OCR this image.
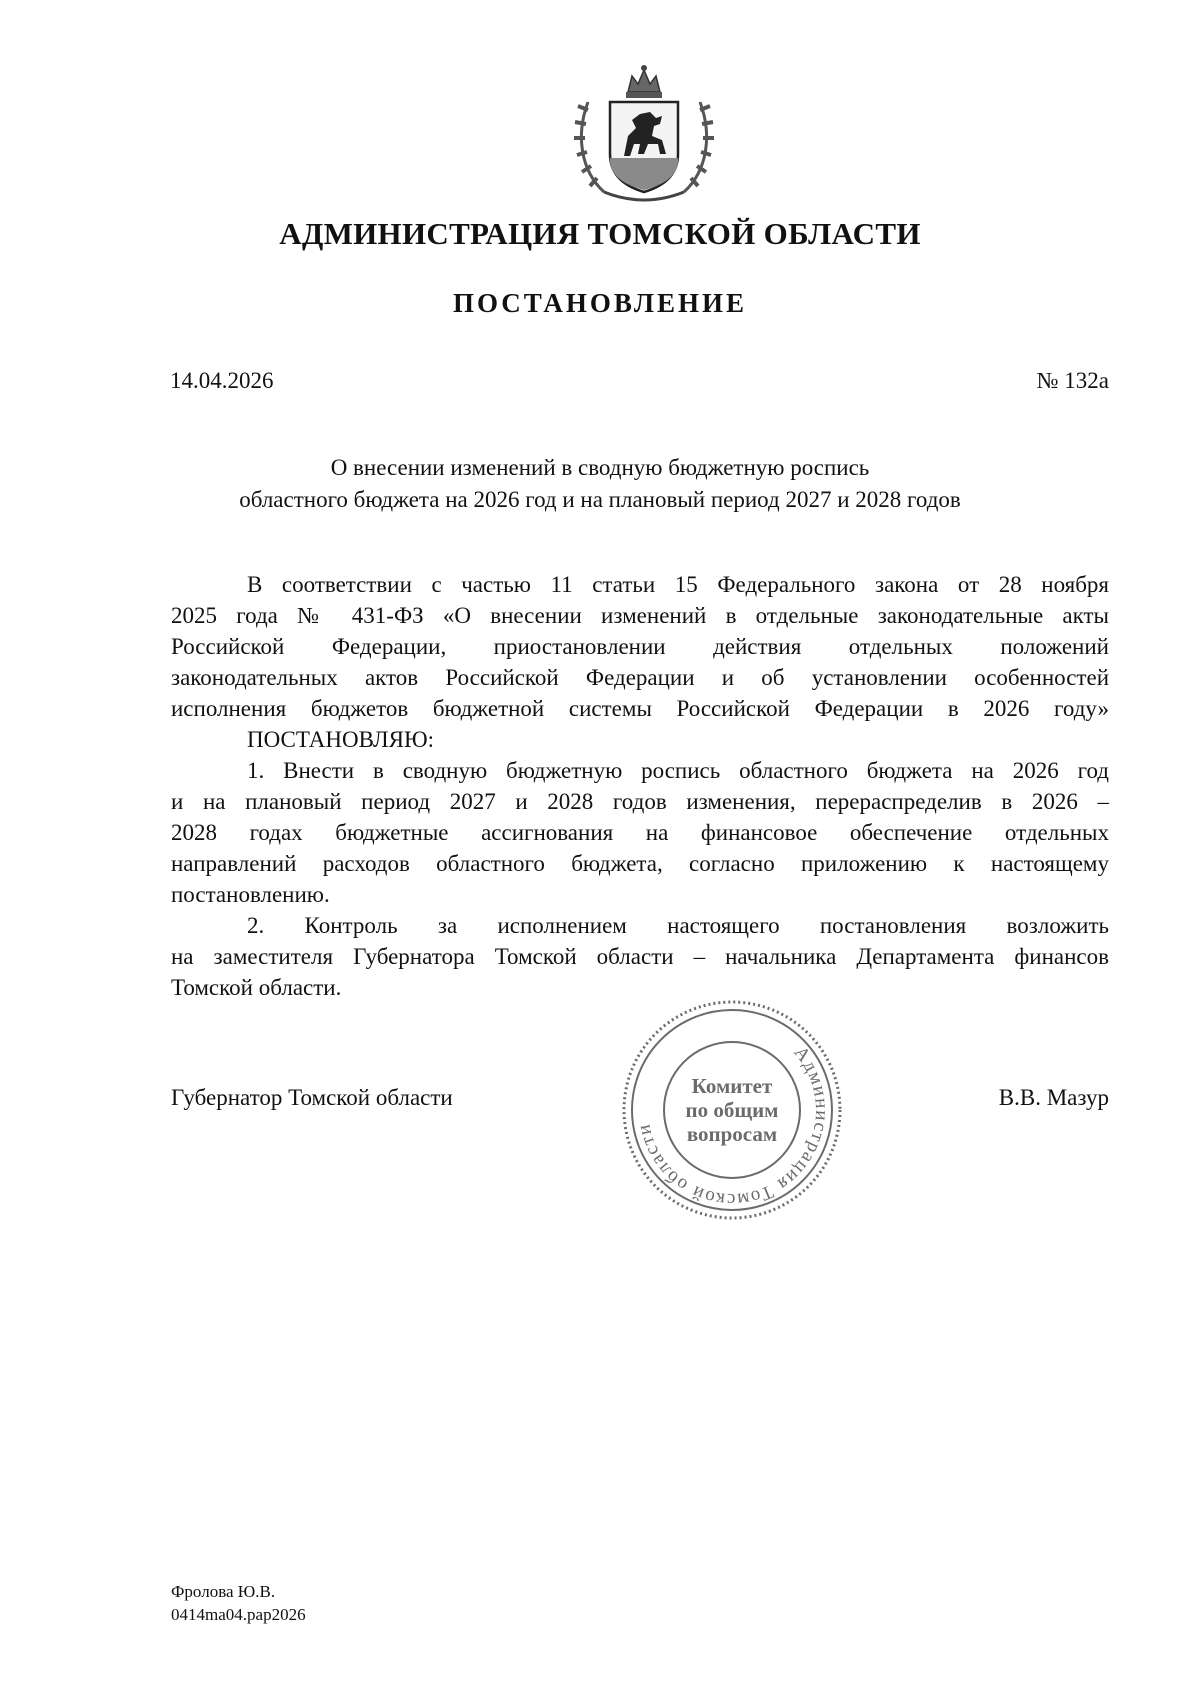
АДМИНИСТРАЦИЯ ТОМСКОЙ ОБЛАСТИ
ПОСТАНОВЛЕНИЕ
14.04.2026	№ 132а
О внесении изменений в сводную бюджетную роспись
областного бюджета на 2026 год и на плановый период 2027 и 2028 годов
В соответствии с частью 11 статьи 15 Федерального закона от 28 ноября
2025 года № 431-ФЗ «О внесении изменений в отдельные законодательные акты
Российской Федерации, приостановлении действия отдельных положений
законодательных актов Российской Федерации и об установлении особенностей
исполнения бюджетов бюджетной системы Российской Федерации в 2026 году»
ПОСТАНОВЛЯЮ:
1. Внести в сводную бюджетную роспись областного бюджета на 2026 год
и на плановый период 2027 и 2028 годов изменения, перераспределив в 2026 –
2028 годах бюджетные ассигнования на финансовое обеспечение отдельных
направлений расходов областного бюджета, согласно приложению к настоящему
постановлению.
2. Контроль за исполнением настоящего постановления возложить
на заместителя Губернатора Томской области – начальника Департамента финансов
Томской области.
Губернатор Томской области
Администрация Томской области
Комитет
по общим
вопросам
В.В. Мазур
Фролова Ю.В.
0414ma04.pap2026
